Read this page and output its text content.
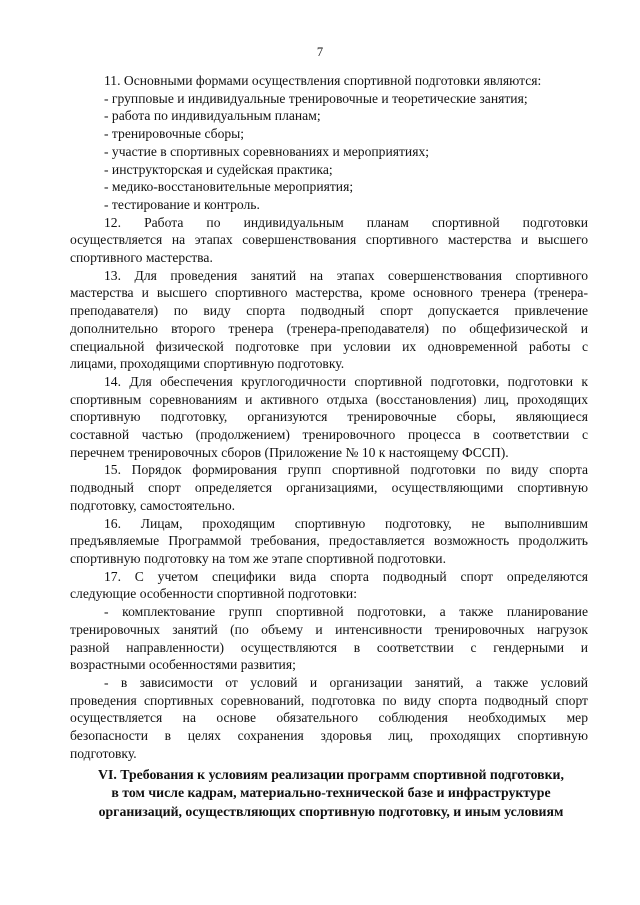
7
11. Основными формами осуществления спортивной подготовки являются:
- групповые и индивидуальные тренировочные и теоретические занятия;
- работа по индивидуальным планам;
- тренировочные сборы;
- участие в спортивных соревнованиях и мероприятиях;
- инструкторская и судейская практика;
- медико-восстановительные мероприятия;
- тестирование и контроль.
12. Работа по индивидуальным планам спортивной подготовки
осуществляется на этапах совершенствования спортивного мастерства и высшего
спортивного мастерства.
13. Для проведения занятий на этапах совершенствования спортивного
мастерства и высшего спортивного мастерства, кроме основного тренера (тренера-
преподавателя) по виду спорта подводный спорт допускается привлечение
дополнительно второго тренера (тренера-преподавателя) по общефизической и
специальной физической подготовке при условии их одновременной работы с
лицами, проходящими спортивную подготовку.
14. Для обеспечения круглогодичности спортивной подготовки, подготовки к
спортивным соревнованиям и активного отдыха (восстановления) лиц, проходящих
спортивную подготовку, организуются тренировочные сборы, являющиеся
составной частью (продолжением) тренировочного процесса в соответствии с
перечнем тренировочных сборов (Приложение № 10 к настоящему ФССП).
15. Порядок формирования групп спортивной подготовки по виду спорта
подводный спорт определяется организациями, осуществляющими спортивную
подготовку, самостоятельно.
16. Лицам, проходящим спортивную подготовку, не выполнившим
предъявляемые Программой требования, предоставляется возможность продолжить
спортивную подготовку на том же этапе спортивной подготовки.
17. С учетом специфики вида спорта подводный спорт определяются
следующие особенности спортивной подготовки:
- комплектование групп спортивной подготовки, а также планирование
тренировочных занятий (по объему и интенсивности тренировочных нагрузок
разной направленности) осуществляются в соответствии с гендерными и
возрастными особенностями развития;
- в зависимости от условий и организации занятий, а также условий
проведения спортивных соревнований, подготовка по виду спорта подводный спорт
осуществляется на основе обязательного соблюдения необходимых мер
безопасности в целях сохранения здоровья лиц, проходящих спортивную
подготовку.
VI. Требования к условиям реализации программ спортивной подготовки,
в том числе кадрам, материально-технической базе и инфраструктуре
организаций, осуществляющих спортивную подготовку, и иным условиям
